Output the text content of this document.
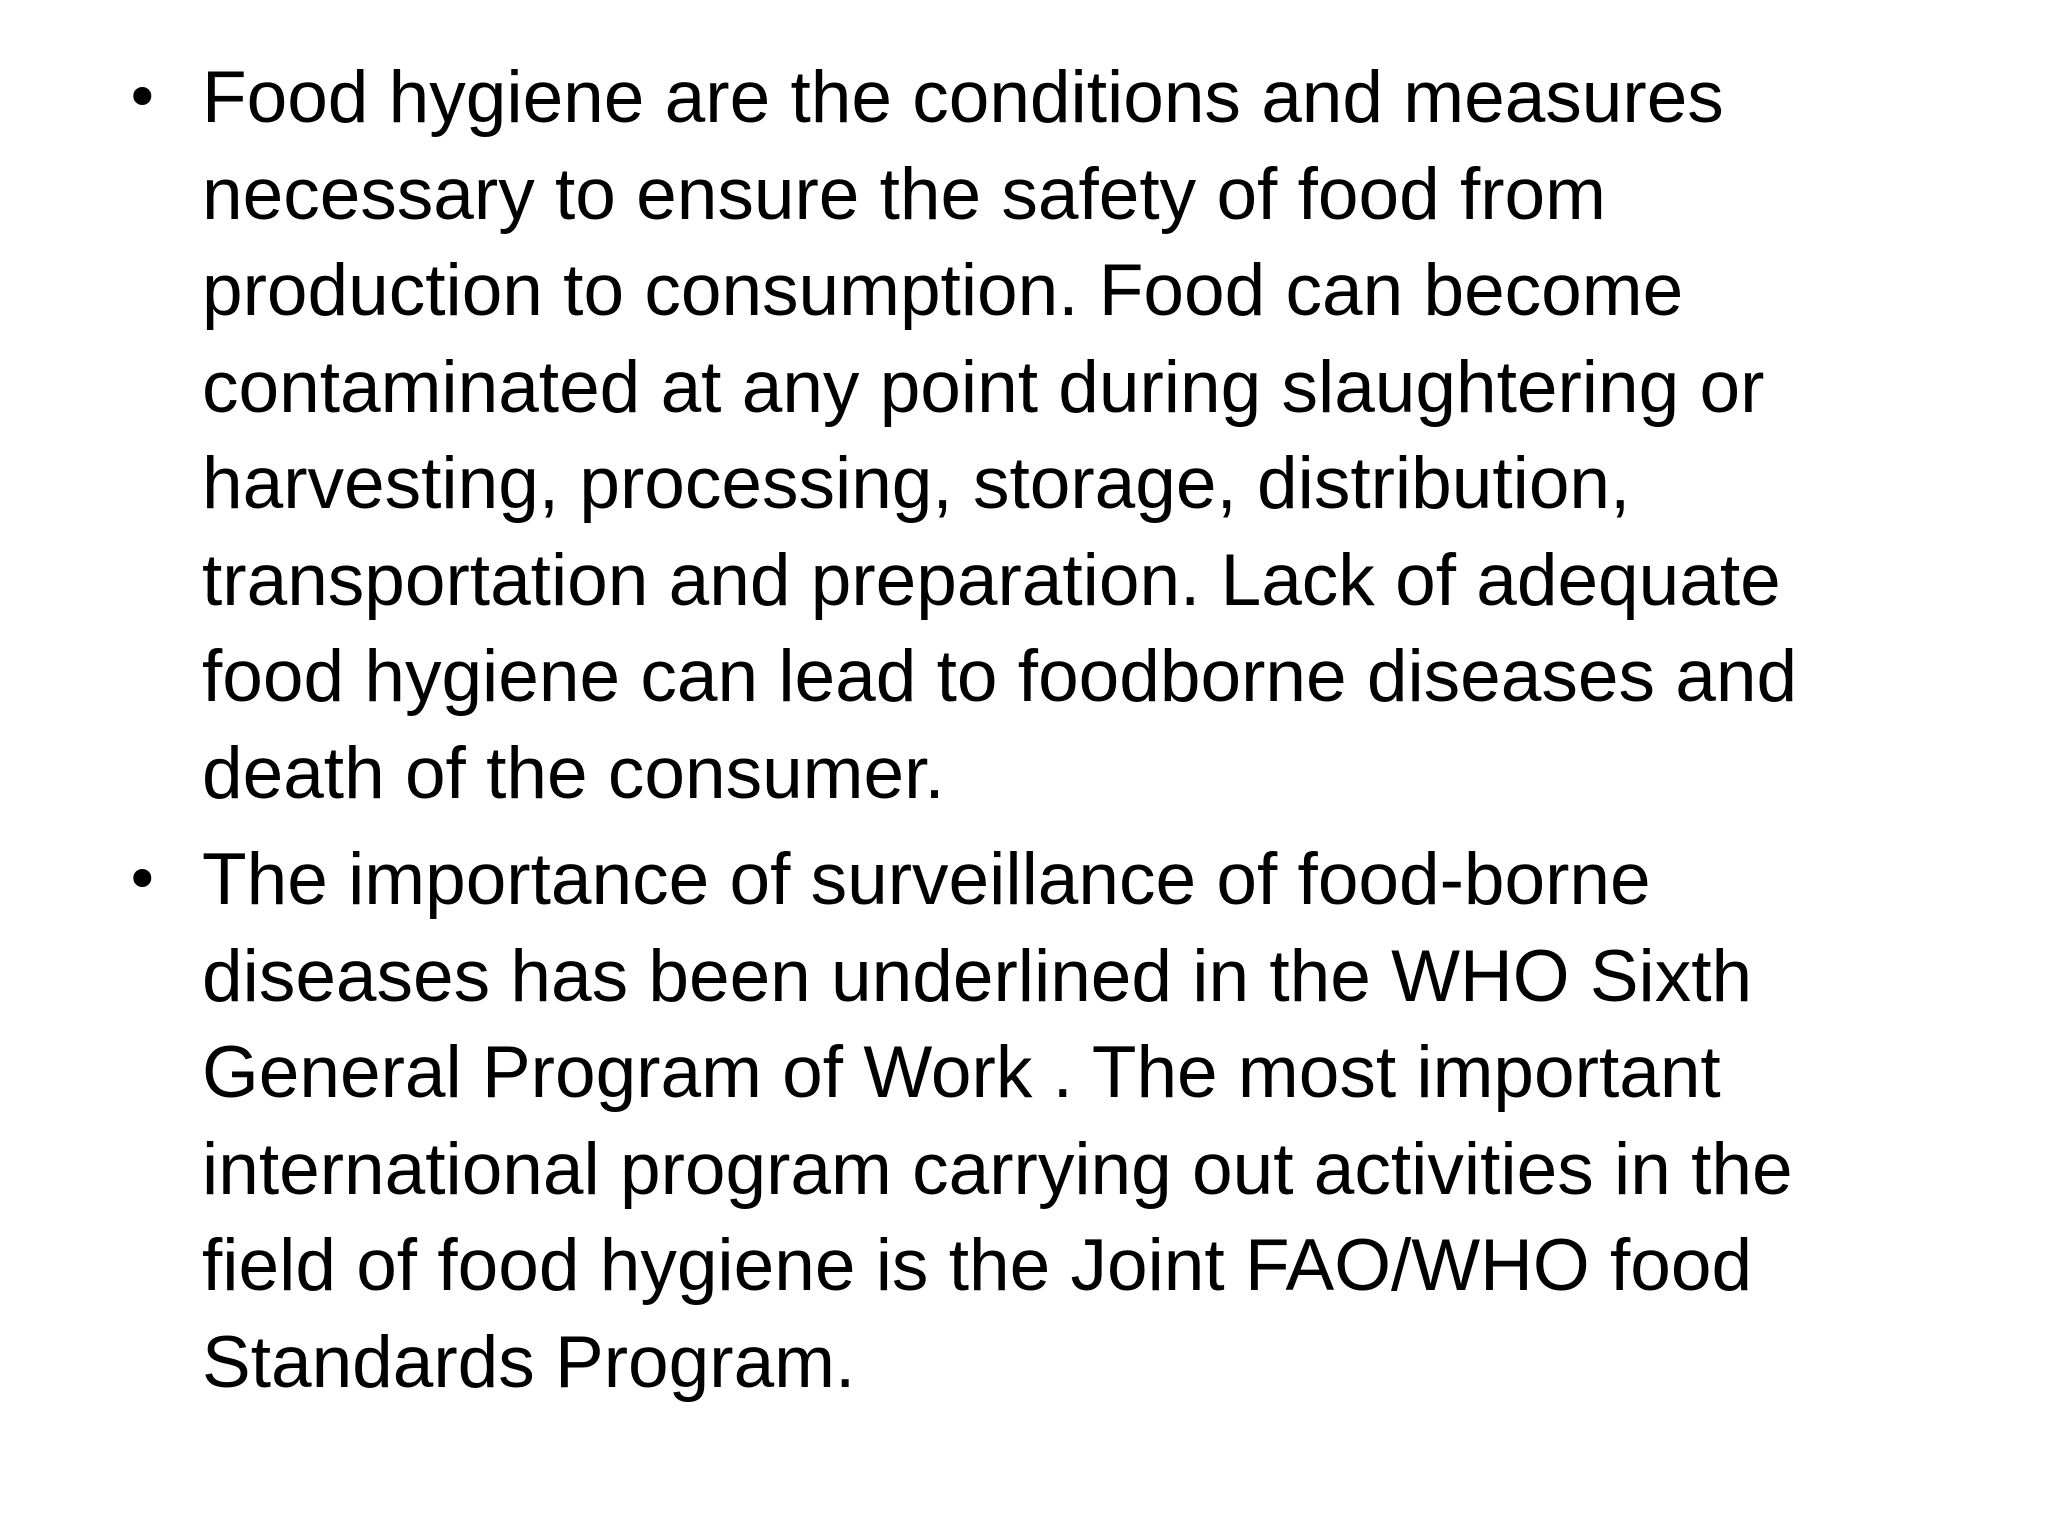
• Food hygiene are the conditions and measures
necessary to ensure the safety of food from
production to consumption. Food can become
contaminated at any point during slaughtering or
harvesting, processing, storage, distribution,
transportation and preparation. Lack of adequate
food hygiene can lead to foodborne diseases and
death of the consumer.
• The importance of surveillance of food-borne
diseases has been underlined in the WHO Sixth
General Program of Work . The most important
international program carrying out activities in the
field of food hygiene is the Joint FAO/WHO food
Standards Program.
